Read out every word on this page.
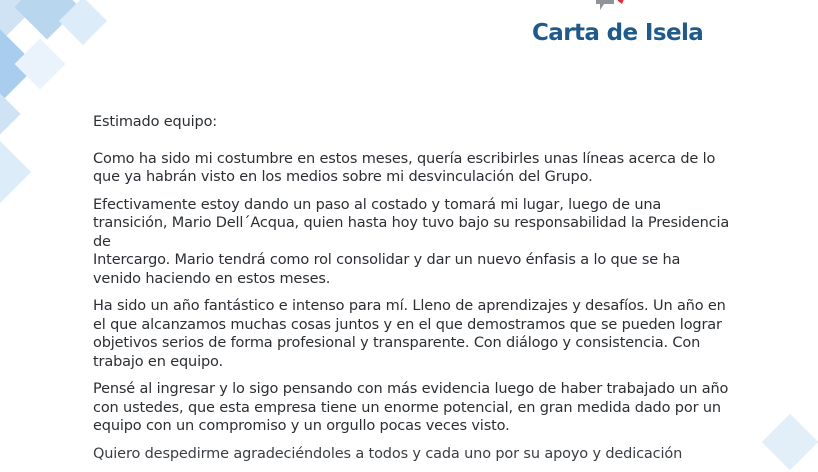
Carta de Isela

Estimado equipo:

Como ha sido mi costumbre en estos meses, quería escribirles unas líneas acerca de lo
que ya habrán visto en los medios sobre mi desvinculación del Grupo.

Efectivamente estoy dando un paso al costado y tomará mi lugar, luego de una
transición, Mario Dell´Acqua, quien hasta hoy tuvo bajo su responsabilidad la Presidencia de
Intercargo. Mario tendrá como rol consolidar y dar un nuevo énfasis a lo que se ha
venido haciendo en estos meses.

Ha sido un año fantástico e intenso para mí. Lleno de aprendizajes y desafíos. Un año en
el que alcanzamos muchas cosas juntos y en el que demostramos que se pueden lograr
objetivos serios de forma profesional y transparente. Con diálogo y consistencia. Con
trabajo en equipo.

Pensé al ingresar y lo sigo pensando con más evidencia luego de haber trabajado un año
con ustedes, que esta empresa tiene un enorme potencial, en gran medida dado por un
equipo con un compromiso y un orgullo pocas veces visto.

Quiero despedirme agradeciéndoles a todos y cada uno por su apoyo y dedicación
